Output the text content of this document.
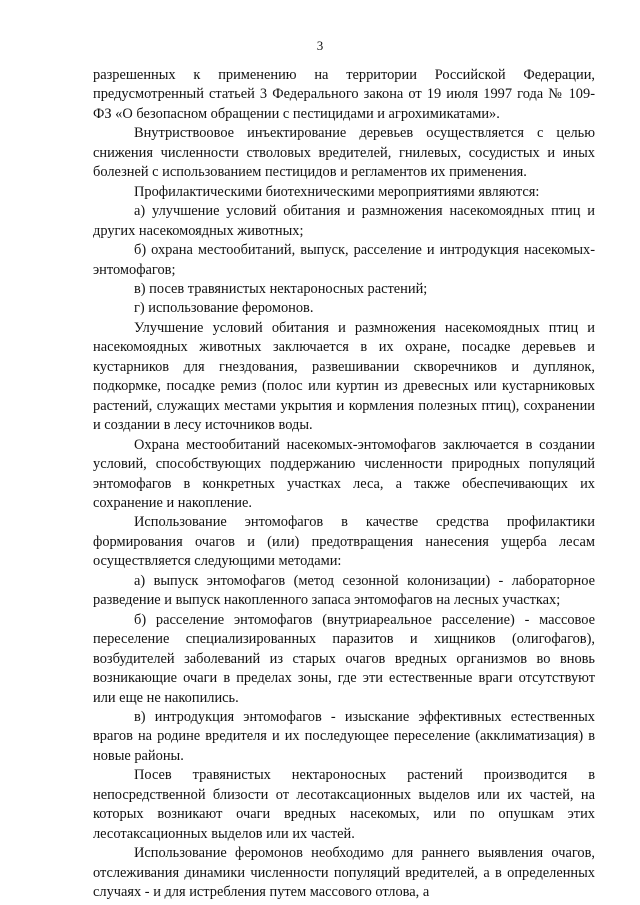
3

разрешенных к применению на территории Российской Федерации, предусмотренный статьей 3 Федерального закона от 19 июля 1997 года № 109-ФЗ «О безопасном обращении с пестицидами и агрохимикатами».

Внутриствоовое инъектирование деревьев осуществляется с целью снижения численности стволовых вредителей, гнилевых, сосудистых и иных болезней с использованием пестицидов и регламентов их применения.

Профилактическими биотехническими мероприятиями являются:

а) улучшение условий обитания и размножения насекомоядных птиц и других насекомоядных животных;

б) охрана местообитаний, выпуск, расселение и интродукция насекомых-энтомофагов;

в) посев травянистых нектароносных растений;

г) использование феромонов.

Улучшение условий обитания и размножения насекомоядных птиц и насекомоядных животных заключается в их охране, посадке деревьев и кустарников для гнездования, развешивании скворечников и дуплянок, подкормке, посадке ремиз (полос или куртин из древесных или кустарниковых растений, служащих местами укрытия и кормления полезных птиц), сохранении и создании в лесу источников воды.

Охрана местообитаний насекомых-энтомофагов заключается в создании условий, способствующих поддержанию численности природных популяций энтомофагов в конкретных участках леса, а также обеспечивающих их сохранение и накопление.

Использование энтомофагов в качестве средства профилактики формирования очагов и (или) предотвращения нанесения ущерба лесам осуществляется следующими методами:

а) выпуск энтомофагов (метод сезонной колонизации) - лабораторное разведение и выпуск накопленного запаса энтомофагов на лесных участках;

б) расселение энтомофагов (внутриареальное расселение) - массовое переселение специализированных паразитов и хищников (олигофагов), возбудителей заболеваний из старых очагов вредных организмов во вновь возникающие очаги в пределах зоны, где эти естественные враги отсутствуют или еще не накопились.

в) интродукция энтомофагов - изыскание эффективных естественных врагов на родине вредителя и их последующее переселение (акклиматизация) в новые районы.

Посев травянистых нектароносных растений производится в непосредственной близости от лесотаксационных выделов или их частей, на которых возникают очаги вредных насекомых, или по опушкам этих лесотаксационных выделов или их частей.

Использование феромонов необходимо для раннего выявления очагов, отслеживания динамики численности популяций вредителей, а в определенных случаях - и для истребления путем массового отлова, а
